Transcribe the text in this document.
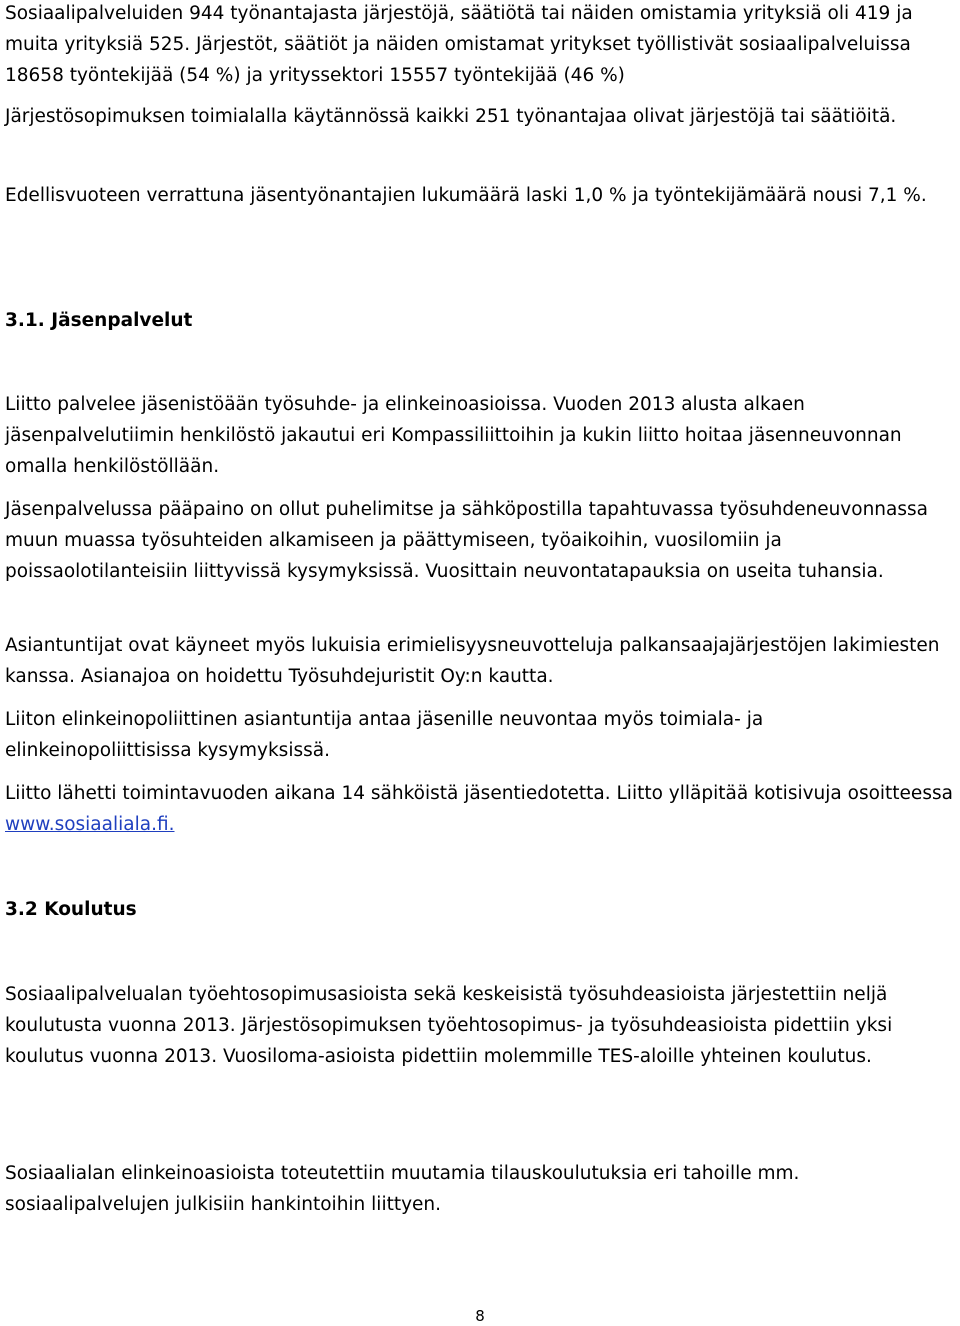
Sosiaalipalveluiden 944 työnantajasta järjestöjä, säätiötä tai näiden omistamia yrityksiä oli 419 ja muita yrityksiä 525. Järjestöt, säätiöt ja näiden omistamat yritykset työllistivät sosiaalipalveluissa 18658 työntekijää (54 %) ja yrityssektori 15557 työntekijää (46 %)

Järjestösopimuksen toimialalla käytännössä kaikki 251 työnantajaa olivat järjestöjä tai säätiöitä.

Edellisvuoteen verrattuna jäsentyönantajien lukumäärä laski 1,0 % ja työntekijämäärä nousi 7,1 %.

3.1. Jäsenpalvelut

Liitto palvelee jäsenistöään työsuhde- ja elinkeinoasioissa. Vuoden 2013 alusta alkaen jäsenpalvelutiimin henkilöstö jakautui eri Kompassiliittoihin ja kukin liitto hoitaa jäsenneuvonnan omalla henkilöstöllään.

Jäsenpalvelussa pääpaino on ollut puhelimitse ja sähköpostilla tapahtuvassa työsuhdeneuvonnassa muun muassa työsuhteiden alkamiseen ja päättymiseen, työaikoihin, vuosilomiin ja poissaolotilanteisiin liittyvissä kysymyksissä. Vuosittain neuvontatapauksia on useita tuhansia.

Asiantuntijat ovat käyneet myös lukuisia erimielisyysneuvotteluja palkansaajajärjestöjen lakimiesten kanssa. Asianajoa on hoidettu Työsuhdejuristit Oy:n kautta.

Liiton elinkeinopoliittinen asiantuntija antaa jäsenille neuvontaa myös toimiala- ja elinkeinopoliittisissa kysymyksissä.

Liitto lähetti toimintavuoden aikana 14 sähköistä jäsentiedotetta. Liitto ylläpitää kotisivuja osoitteessa www.sosiaaliala.fi.

3.2 Koulutus

Sosiaalipalvelualan työehtosopimusasioista sekä keskeisistä työsuhdeasioista järjestettiin neljä koulutusta vuonna 2013. Järjestösopimuksen työehtosopimus- ja työsuhdeasioista pidettiin yksi koulutus vuonna 2013. Vuosiloma-asioista pidettiin molemmille TES-aloille yhteinen koulutus.

Sosiaalialan elinkeinoasioista toteutettiin muutamia tilauskoulutuksia eri tahoille mm. sosiaalipalvelujen julkisiin hankintoihin liittyen.

8
